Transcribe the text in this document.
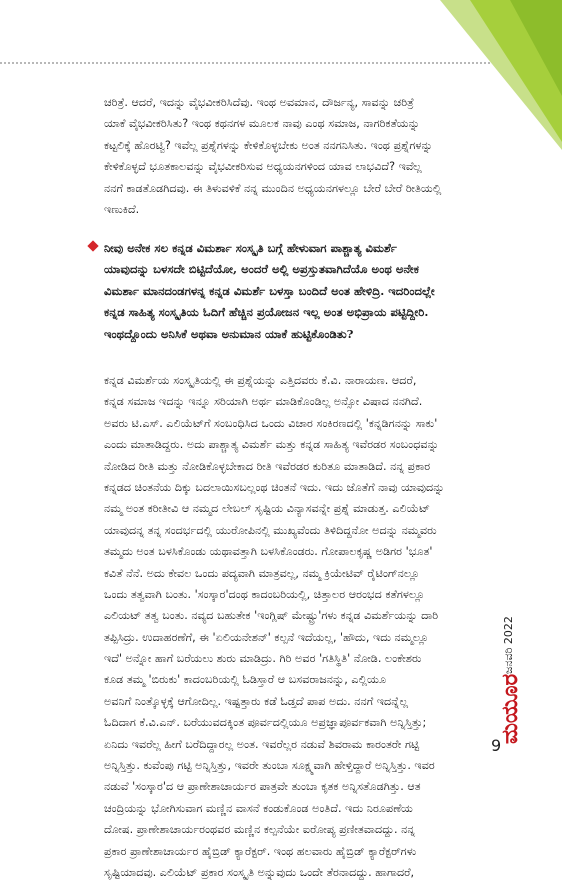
ಚರಿತ್ರೆ. ಆದರೆ, ಇದನ್ನು ವೈಭವೀಕರಿಸಿದೆವು. ಇಂಥ ಅವಮಾನ, ದೌರ್ಜನ್ಯ, ಸಾವನ್ನು ಚರಿತ್ರೆ
ಯಾಕೆ ವೈಭವೀಕರಿಸಿತು? ಇಂಥ ಕಥನಗಳ ಮೂಲಕ ನಾವು ಎಂಥ ಸಮಾಜ, ನಾಗರಿಕತೆಯನ್ನು
ಕಟ್ಟಲಿಕ್ಕೆ ಹೊರಟ್ವಿ? ಇವೆಲ್ಲ ಪ್ರಶ್ನೆಗಳನ್ನು ಕೇಳಿಕೊಳ್ಳಬೇಕು ಅಂತ ನನಗನಿಸಿತು. ಇಂಥ ಪ್ರಶ್ನೆಗಳನ್ನು
ಕೇಳಿಕೊಳ್ಳದೆ ಭೂತಕಾಲವನ್ನು ವೈಭವೀಕರಿಸುವ ಅಧ್ಯಯನಗಳಿಂದ ಯಾವ ಲಾಭವಿದೆ? ಇವೆಲ್ಲ
ನನಗೆ ಕಾಡತೊಡಗಿದವು. ಈ ತಿಳುವಳಿಕೆ ನನ್ನ ಮುಂದಿನ ಅಧ್ಯಯನಗಳಲ್ಲೂ ಬೇರೆ ಬೇರೆ ರೀತಿಯಲ್ಲಿ
ಇಣುಕಿದೆ.
ನೀವು ಅನೇಕ ಸಲ ಕನ್ನಡ ವಿಮರ್ಶಾ ಸಂಸ್ಕೃತಿ ಬಗ್ಗೆ ಹೇಳುವಾಗ ಪಾಶ್ಚಾತ್ಯ ವಿಮರ್ಶೆ
ಯಾವುದನ್ನು ಬಳಸದೇ ಬಿಟ್ಟಿದೆಯೋ, ಅಂದರೆ ಅಲ್ಲಿ ಅಪ್ರಸ್ತುತವಾಗಿದೆಯೊ ಅಂಥ ಅನೇಕ
ವಿಮರ್ಶಾ ಮಾನದಂಡಗಳನ್ನ ಕನ್ನಡ ವಿಮರ್ಶೆ ಬಳಸ್ತಾ ಬಂದಿದೆ ಅಂತ ಹೇಳಿದ್ರಿ. ಇದರಿಂದಲ್ಲೇ
ಕನ್ನಡ ಸಾಹಿತ್ಯ ಸಂಸ್ಕೃತಿಯ ಓದಿಗೆ ಹೆಚ್ಚಿನ ಪ್ರಯೋಜನ ಇಲ್ಲ ಅಂತ ಅಭಿಪ್ರಾಯ ಪಟ್ಟಿದ್ದೀರಿ.
ಇಂಥದ್ದೊಂದು ಅನಿಸಿಕೆ ಅಥವಾ ಅನುಮಾನ ಯಾಕೆ ಹುಟ್ಟಿಕೊಂಡಿತು?
ಕನ್ನಡ ವಿಮರ್ಶೆಯ ಸಂಸ್ಕೃತಿಯಲ್ಲಿ ಈ ಪ್ರಶ್ನೆಯನ್ನು ಎತ್ತಿದವರು ಕೆ.ವಿ. ನಾರಾಯಣ. ಆದರೆ,
ಕನ್ನಡ ಸಮಾಜ ಇದನ್ನು ಇನ್ನೂ ಸರಿಯಾಗಿ ಅರ್ಥ ಮಾಡಿಕೊಂಡಿಲ್ಲ ಅನ್ಸೋ ವಿಷಾದ ನನಗಿದೆ.
ಅವರು ಟಿ.ಎಸ್. ಎಲಿಯೆಟ್‌ಗೆ ಸಂಬಂಧಿಸಿದ ಒಂದು ವಿಚಾರ ಸಂಕಿರಣದಲ್ಲಿ 'ಕನ್ನಡಿಗನನ್ನು ಸಾಕು'
ಎಂದು ಮಾತಾಡಿದ್ದರು. ಅದು ಪಾಶ್ಚಾತ್ಯ ವಿಮರ್ಶೆ ಮತ್ತು ಕನ್ನಡ ಸಾಹಿತ್ಯ ಇವೆರಡರ ಸಂಬಂಧವನ್ನು
ನೋಡಿದ ರೀತಿ ಮತ್ತು ನೋಡಿಕೊಳ್ಳಬೇಕಾದ ರೀತಿ ಇವೆರಡರ ಕುರಿತೂ ಮಾತಾಡಿದೆ. ನನ್ನ ಪ್ರಕಾರ
ಕನ್ನಡದ ಚಿಂತನೆಯ ದಿಕ್ಕು ಬದಲಾಯಿಸಬಲ್ಲಂಥ ಚಿಂತನೆ ಇದು. ಇದು ಜೊತೆಗೆ ನಾವು ಯಾವುದನ್ನು
ನಮ್ಮ ಅಂತ ಕರೀತೀವಿ ಆ ನಮ್ಮದ ಲೇಬಲ್ ಸೃಷ್ಟಿಯ ವಿನ್ಯಾಸವನ್ನೇ ಪ್ರಶ್ನೆ ಮಾಡುತ್ತ. ಎಲಿಯೆಟ್
ಯಾವುದನ್ನ ತನ್ನ ಸಂದರ್ಭದಲ್ಲಿ ಯುರೋಪಿನಲ್ಲಿ ಮುಖ್ಯವೆಂದು ತಿಳಿದಿದ್ದನೋ ಅದನ್ನು ನಮ್ಮವರು
ತಮ್ಮದು ಅಂತ ಬಳಸಿಕೊಂಡು ಯಥಾವತ್ತಾಗಿ ಬಳಸಿಕೊಂಡರು. ಗೋಪಾಲಕೃಷ್ಣ ಅಡಿಗರ 'ಭೂತ'
ಕವಿತೆ ನೆನೆ. ಅದು ಕೇವಲ ಒಂದು ಪದ್ಯವಾಗಿ ಮಾತ್ರವಲ್ಲ, ನಮ್ಮ ಕ್ರಿಯೇಟಿವ್ ರೈಟಿಂಗ್‌ನಲ್ಲೂ
ಒಂದು ತತ್ವವಾಗಿ ಬಂತು. 'ಸಂಸ್ಕಾರ'ದಂಥ ಕಾದಂಬರಿಯಲ್ಲಿ, ಚಿತ್ತಾಲರ ಆರಂಭದ ಕತೆಗಳಲ್ಲೂ
ಎಲಿಯಟ್ ತತ್ವ ಬಂತು. ನವ್ಯದ ಬಹುತೇಕ 'ಇಂಗ್ಲಿಷ್ ಮೇಷ್ಟ್ರು'ಗಳು ಕನ್ನಡ ವಿಮರ್ಶೆಯನ್ನು ದಾರಿ
ತಪ್ಪಿಸಿದ್ರು. ಉದಾಹರಣೆಗೆ, ಈ 'ಏಲಿಯನೇಶನ್' ಕಲ್ಪನೆ ಇದೆಯಲ್ಲ, 'ಹೌದು, ಇದು ನಮ್ಮಲ್ಲೂ
ಇದೆ' ಅನ್ನೋ ಹಾಗೆ ಬರೆಯಲು ಶುರು ಮಾಡಿದ್ರು. ಗಿರಿ ಅವರ 'ಗತಿಸ್ಥಿತಿ' ನೋಡಿ. ಲಂಕೇಶರು
ಕೂಡ ತಮ್ಮ 'ಬಿರುಕು' ಕಾದಂಬರಿಯಲ್ಲಿ ಓಡಿಸ್ತಾರೆ ಆ ಬಸವರಾಜನನ್ನು, ಎಲ್ಲಿಯೂ
ಅವನಿಗೆ ನಿಂತ್ಕೊಳ್ಳಕ್ಕೆ ಆಗೋದಿಲ್ಲ. ಇಷ್ಟತ್ತಾರು ಕಡೆ ಓಡ್ತದೆ ಪಾಪ ಅದು. ನನಗೆ ಇದನ್ನೆಲ್ಲ
ಓದಿದಾಗ ಕೆ.ವಿ.ಎನ್. ಬರೆಯುವದಕ್ಕಿಂತ ಪೂರ್ವದಲ್ಲಿಯೂ ಅಪ್ರಜ್ಞಾಪೂರ್ವಕವಾಗಿ ಅನ್ನಿಸ್ತಿತ್ತು;
ಏನಿದು ಇವರೆಲ್ಲ ಹೀಗೆ ಬರೆದಿದ್ದಾರಲ್ಲ ಅಂತ. ಇವರೆಲ್ಲರ ನಡುವೆ ಶಿವರಾಮ ಕಾರಂತರೇ ಗಟ್ಟಿ
ಅನ್ನಿಸ್ತಿತ್ತು. ಕುವೆಂಪು ಗಟ್ಟಿ ಅನ್ನಿಸ್ತಿತ್ತು, ಇವರೇ ತುಂಬಾ ಸೂಕ್ಷ್ಮವಾಗಿ ಹೇಳ್ತಿದ್ದಾರೆ ಅನ್ನಿಸ್ತಿತ್ತು. ಇವರ
ನಡುವೆ 'ಸಂಸ್ಕಾರ'ದ ಆ ಪ್ರಾಣೇಶಾಚಾರ್ಯರ ಪಾತ್ರವೇ ತುಂಬಾ ಕೃತಕ ಅನ್ನಿಸತೊಡಗಿತ್ತು. ಆತ
ಚಂದ್ರಿಯನ್ನು ಭೋಗಿಸುವಾಗ ಮಣ್ಣಿನ ವಾಸನೆ ಕಂಡುಕೊಂಡ ಅಂತಿದೆ. ಇದು ನಿರೂಪಣೆಯ
ದೋಷ. ಪ್ರಾಣೇಶಾಚಾರ್ಯರಂಥವರ ಮಣ್ಣಿನ ಕಲ್ಪನೆಯೇ ಐರೋಪ್ಯ ಪ್ರಣೀತವಾದದ್ದು. ನನ್ನ
ಪ್ರಕಾರ ಪ್ರಾಣೇಶಾಚಾರ್ಯರ ಹೈಬ್ರಿಡ್ ಕ್ಯಾರೆಕ್ಟರ್. ಇಂಥ ಹಲವಾರು ಹೈಬ್ರಿಡ್ ಕ್ಯಾರೆಕ್ಟರ್‌ಗಳು
ಸೃಷ್ಟಿಯಾದವು. ಎಲಿಯೆಟ್ ಪ್ರಕಾರ ಸಂಸ್ಕೃತಿ ಅನ್ನುವುದು ಒಂದೇ ತೆರನಾದದ್ದು. ಹಾಗಾದರೆ,
ಮಯೂರ
ಜನವರಿ 2022
9
